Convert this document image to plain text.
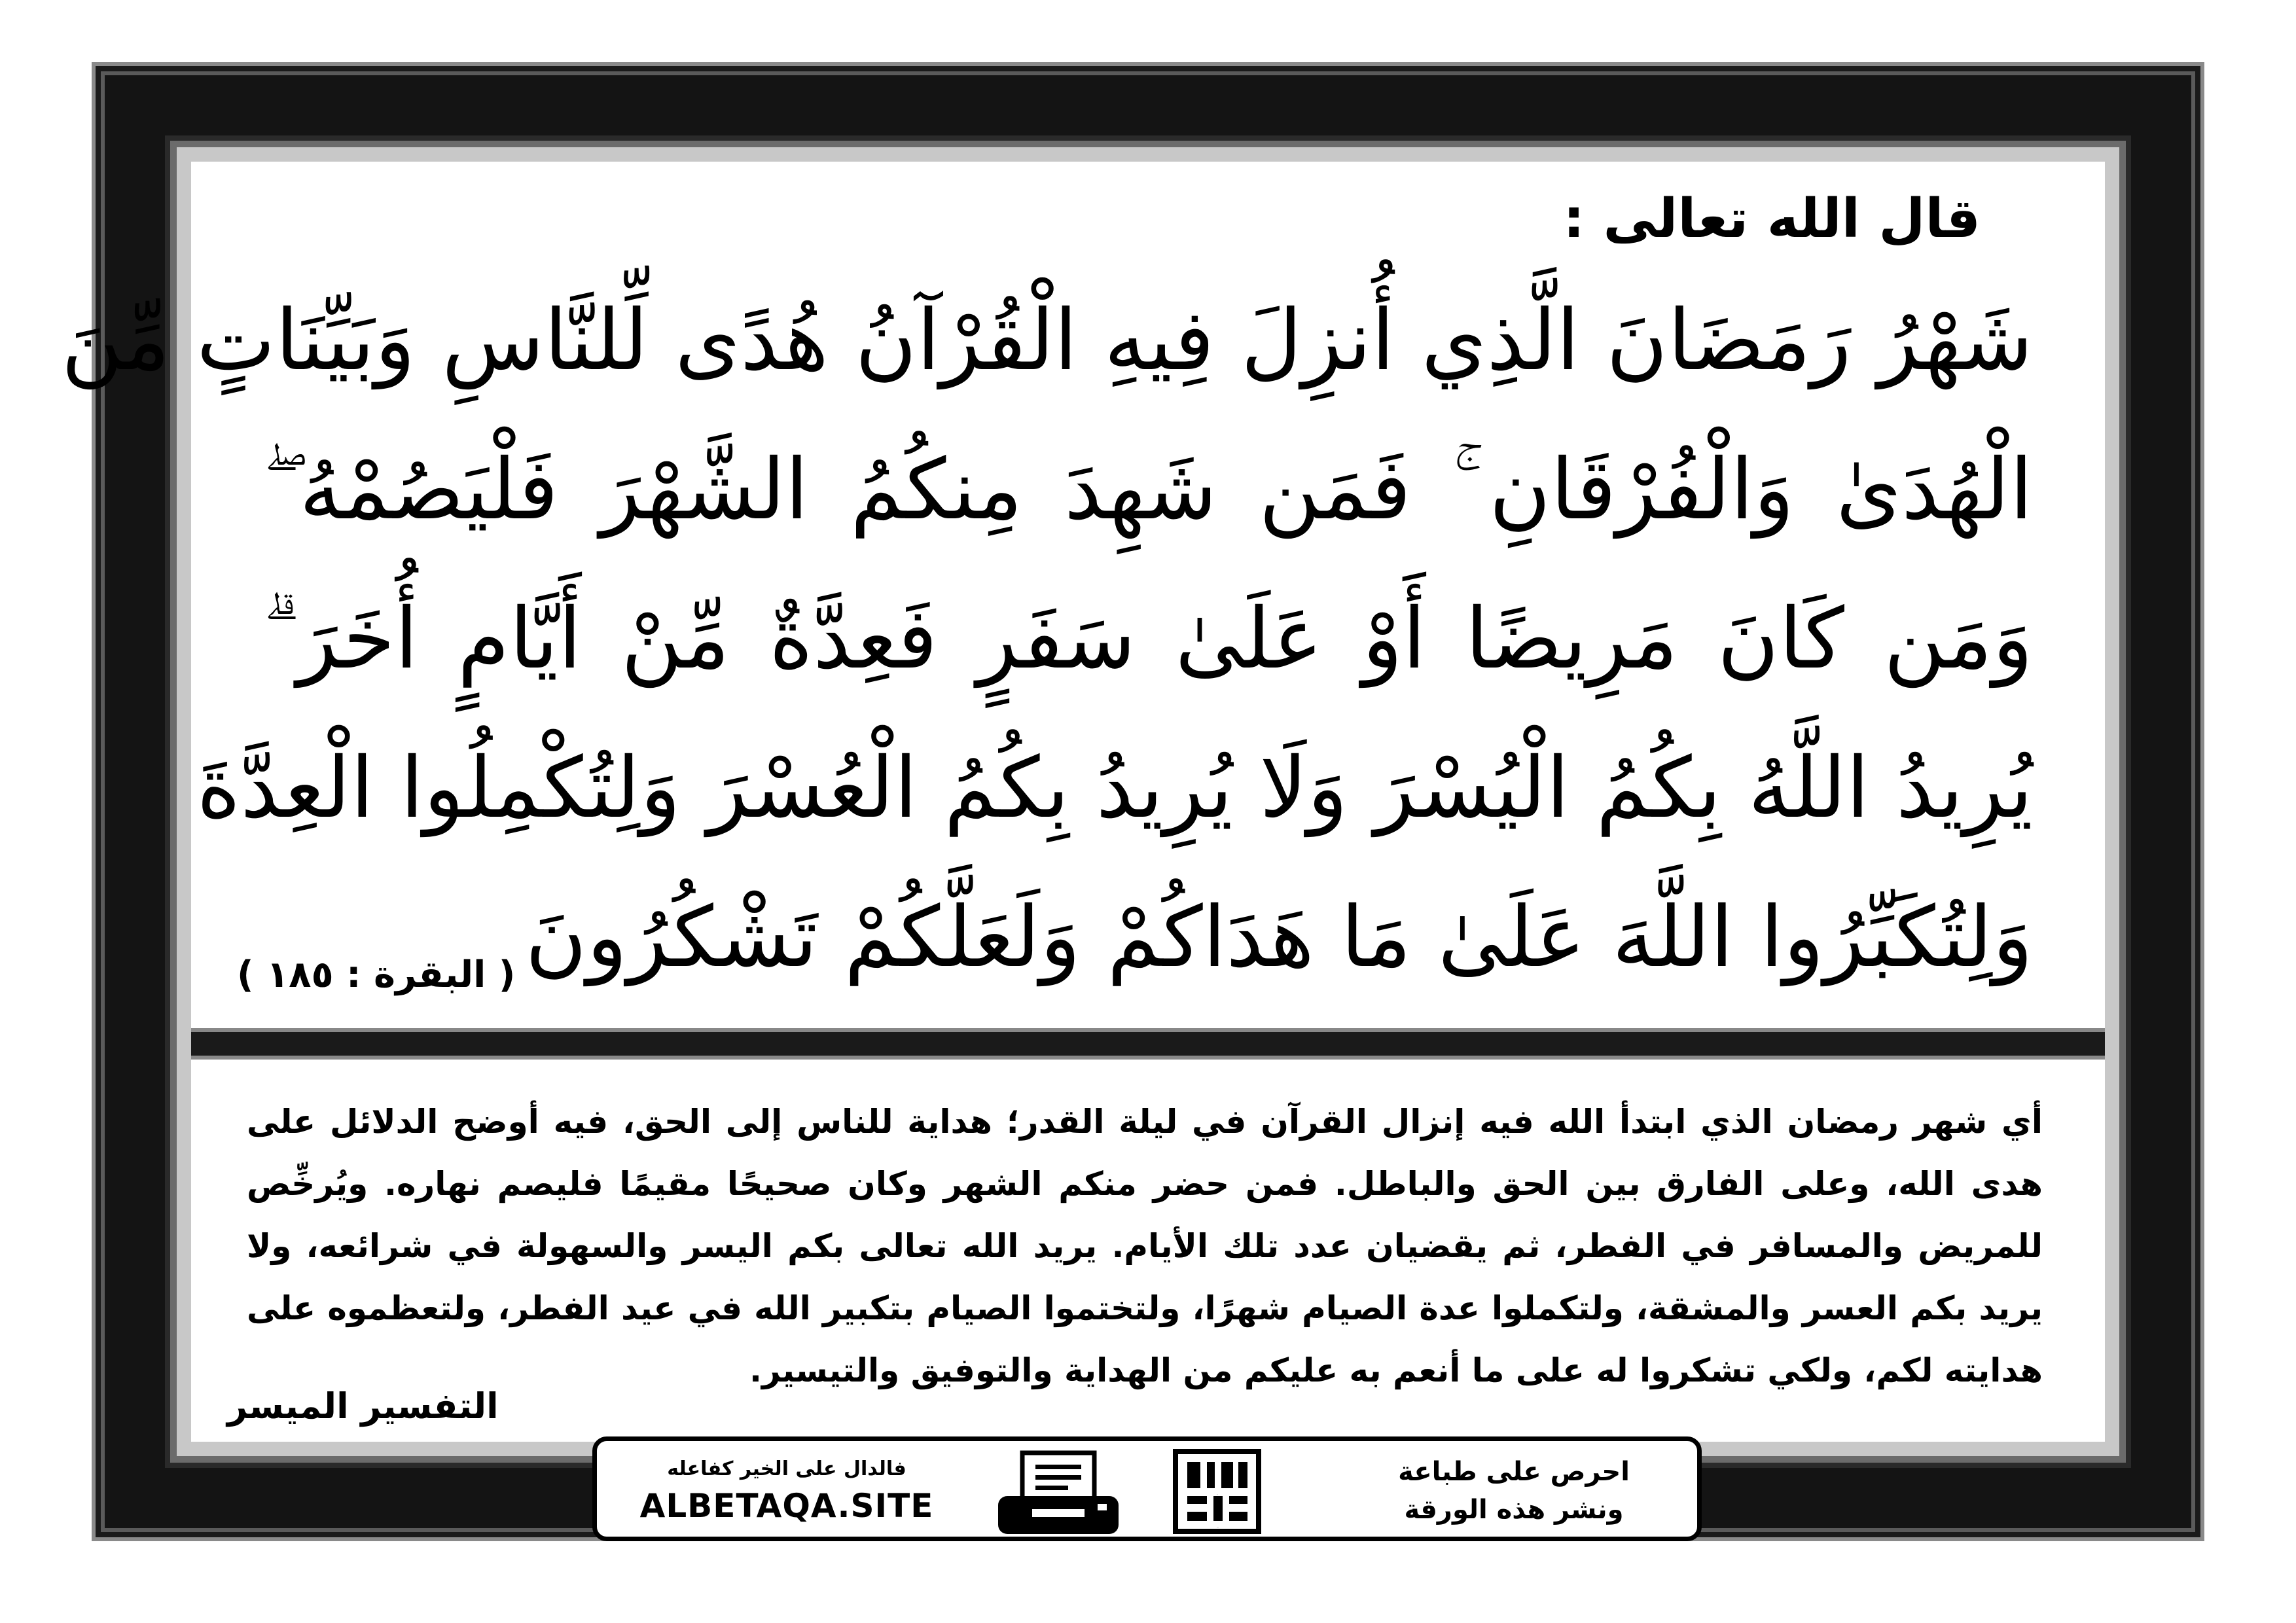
قال الله تعالى :
شَهْرُ رَمَضَانَ الَّذِي أُنزِلَ فِيهِ الْقُرْآنُ هُدًى لِّلنَّاسِ وَبَيِّنَاتٍ مِّنَ
الْهُدَىٰ وَالْفُرْقَانِ ۚ فَمَن شَهِدَ مِنكُمُ الشَّهْرَ فَلْيَصُمْهُ ۖ
وَمَن كَانَ مَرِيضًا أَوْ عَلَىٰ سَفَرٍ فَعِدَّةٌ مِّنْ أَيَّامٍ أُخَرَ ۗ
يُرِيدُ اللَّهُ بِكُمُ الْيُسْرَ وَلَا يُرِيدُ بِكُمُ الْعُسْرَ وَلِتُكْمِلُوا الْعِدَّةَ
وَلِتُكَبِّرُوا اللَّهَ عَلَىٰ مَا هَدَاكُمْ وَلَعَلَّكُمْ تَشْكُرُونَ
( البقرة : ١٨٥ )
أي شهر رمضان الذي ابتدأ الله فيه إنزال القرآن في ليلة القدر؛ هداية للناس إلى الحق، فيه أوضح الدلائل على هدى الله، وعلى الفارق بين الحق والباطل. فمن حضر منكم الشهر وكان صحيحًا مقيمًا فليصم نهاره. ويُرخِّص للمريض والمسافر في الفطر، ثم يقضيان عدد تلك الأيام. يريد الله تعالى بكم اليسر والسهولة في شرائعه، ولا يريد بكم العسر والمشقة، ولتكملوا عدة الصيام شهرًا، ولتختموا الصيام بتكبير الله في عيد الفطر، ولتعظموه على هدايته لكم، ولكي تشكروا له على ما أنعم به عليكم من الهداية والتوفيق والتيسير.
التفسير الميسر
احرص على طباعة
ونشر هذه الورقة
دعوة
الورقة
فالدال على الخير كفاعله
ALBETAQA.SITE
